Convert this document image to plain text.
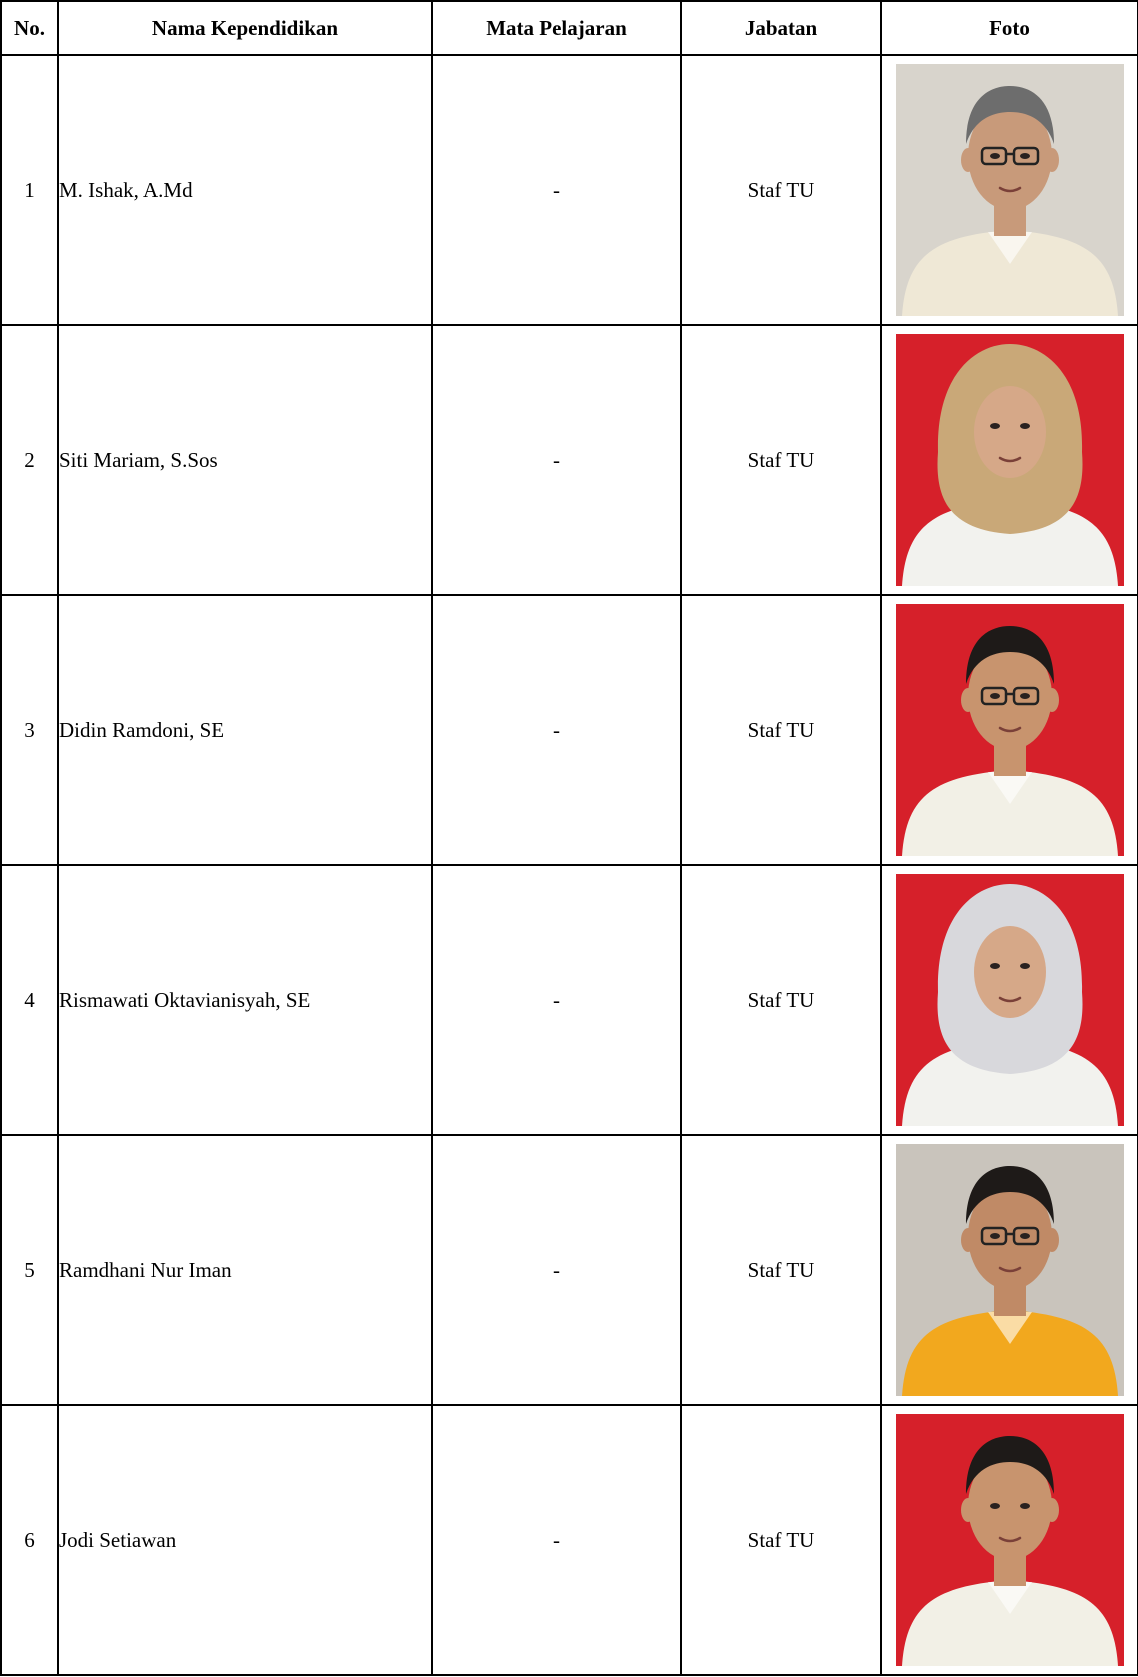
No.	Nama Kependidikan	Mata Pelajaran	Jabatan	Foto
1	M. Ishak, A.Md	-	Staf TU	

2	Siti Mariam, S.Sos	-	Staf TU	

3	Didin Ramdoni, SE	-	Staf TU	

4	Rismawati Oktavianisyah, SE	-	Staf TU	

5	Ramdhani Nur Iman	-	Staf TU	

6	Jodi Setiawan	-	Staf TU	
